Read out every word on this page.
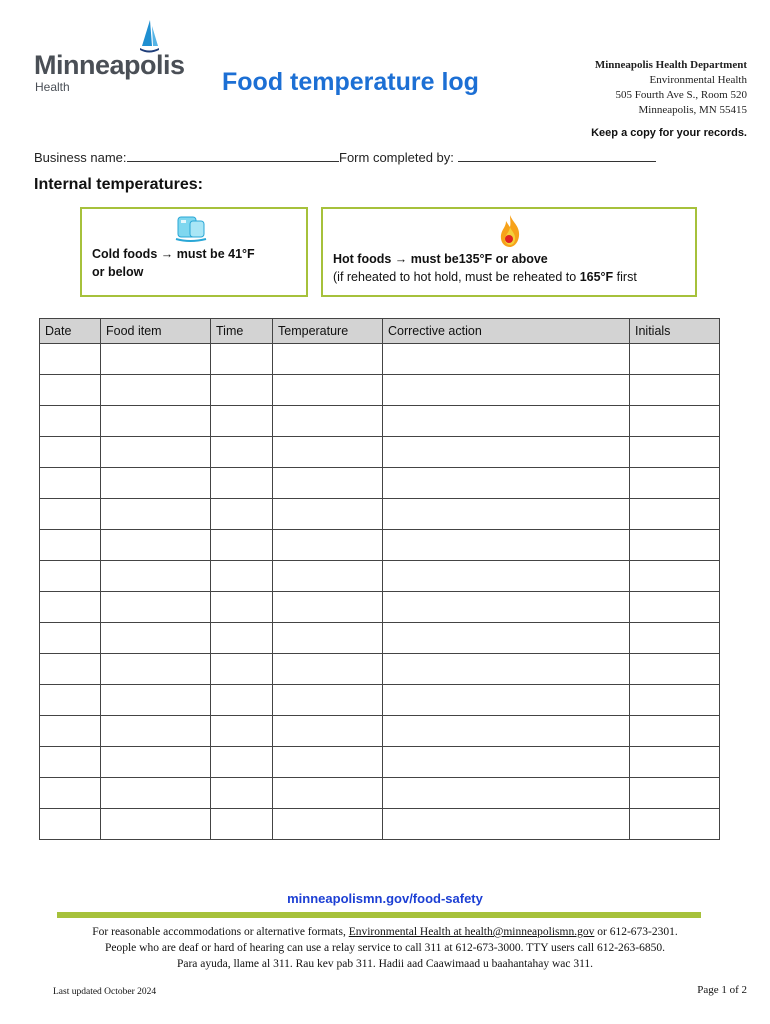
Minneapolis
Health	Food temperature log
Minneapolis Health Department
Environmental Health
505 Fourth Ave S., Room 520
Minneapolis, MN 55415
Keep a copy for your records.
Business name:	Form completed by:
Internal temperatures:
Cold foods → must be 41°F
or below
Hot foods → must be135°F or above
(if reheated to hot hold, must be reheated to 165°F first
Date	Food item	Time	Temperature	Corrective action	Initials

minneapolismn.gov/food-safety
For reasonable accommodations or alternative formats, Environmental Health at health@minneapolismn.gov or 612-673-2301.
People who are deaf or hard of hearing can use a relay service to call 311 at 612-673-3000. TTY users call 612-263-6850.
Para ayuda, llame al 311. Rau kev pab 311. Hadii aad Caawimaad u baahantahay wac 311.
Last updated October 2024	Page 1 of 2
